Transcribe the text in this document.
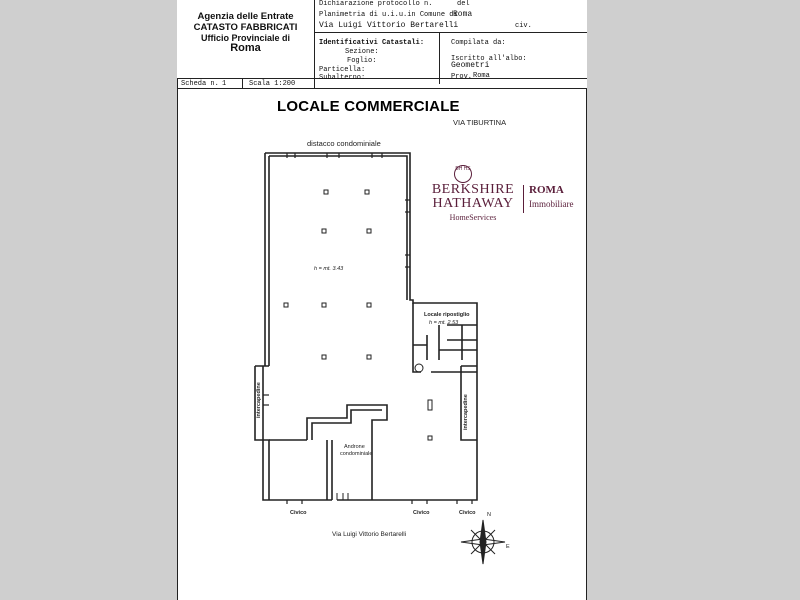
Agenzia delle Entrate
CATASTO FABBRICATI
Ufficio Provinciale di
Roma
Dichiarazione protocollo n.	del
Planimetria di u.i.u.in Comune di
Roma
Via Luigi Vittorio Bertarelli	civ.
Identificativi Catastali:
Sezione:
Foglio:
Particella:
Subalterno:
Compilata da:
Iscritto all'albo:
Geometri
Prov. Roma
Scheda n. 1	Scala 1:200
LOCALE COMMERCIALE
VIA TIBURTINA
distacco condominiale
h = mt. 3.43
Locale ripostiglio
h = mt. 2.53
intercapedine	intercapedine
Androne
condominiale
Civico	Civico	Civico
Via Luigi Vittorio Bertarelli
N
E
BH HS
BERKSHIRE
HATHAWAY
HomeServices
ROMA
Immobiliare
